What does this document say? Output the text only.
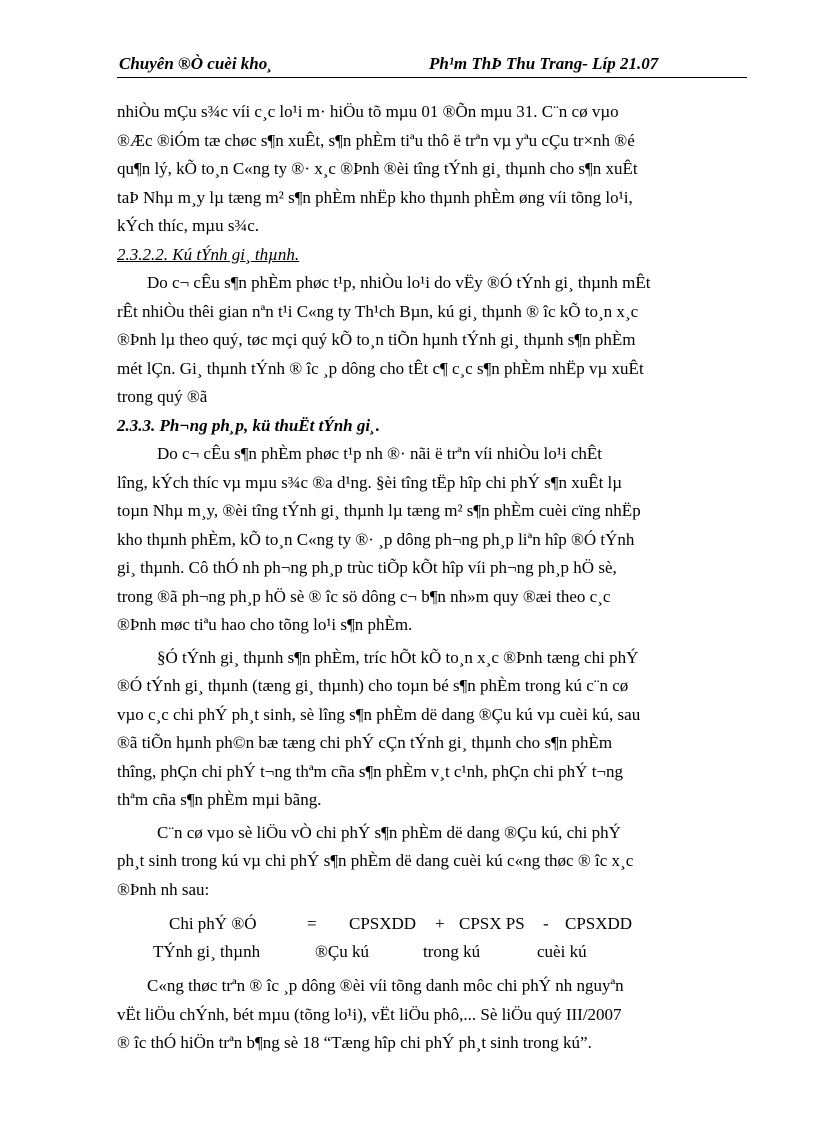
Chuyên ®Ò cuèi kho¸	Ph¹m ThÞ Thu Trang- Líp 21.07
nhiÒu mÇu s¾c víi c¸c lo¹i m· hiÖu tõ mµu 01 ®Õn mµu 31. C¨n cø vµo
®Æc ®iÓm tæ chøc s¶n xuÊt, s¶n phÈm tiªu thô ë trªn vµ yªu cÇu tr×nh ®é
qu¶n lý, kÕ to¸n C«ng ty ®· x¸c ®Þnh ®èi tîng tÝnh gi¸ thµnh cho s¶n xuÊt
taÞ Nhµ m¸y lµ tæng m² s¶n phÈm nhËp kho thµnh phÈm øng víi tõng lo¹i,
kÝch thíc, mµu s¾c.
2.3.2.2. Kú tÝnh gi¸ thµnh.
Do c¬ cÊu s¶n phÈm phøc t¹p, nhiÒu lo¹i do vËy ®Ó tÝnh gi¸ thµnh mÊt
rÊt nhiÒu thêi gian nªn t¹i C«ng ty Th¹ch Bµn, kú gi¸ thµnh ® îc kÕ to¸n x¸c
®Þnh lµ theo quý, tøc mçi quý kÕ to¸n tiÕn hµnh tÝnh gi¸ thµnh s¶n phÈm
mét lÇn. Gi¸ thµnh tÝnh ® îc ¸p dông cho tÊt c¶ c¸c s¶n phÈm nhËp vµ xuÊt
trong quý ®ã
2.3.3. Ph¬ng ph¸p, kü thuËt tÝnh gi¸.
Do c¬ cÊu s¶n phÈm phøc t¹p nh ®· nãi ë trªn víi nhiÒu lo¹i chÊt
lîng, kÝch thíc vµ mµu s¾c ®a d¹ng. §èi tîng tËp hîp chi phÝ s¶n xuÊt lµ
toµn Nhµ m¸y, ®èi tîng tÝnh gi¸ thµnh lµ tæng m² s¶n phÈm cuèi cïng nhËp
kho thµnh phÈm, kÕ to¸n C«ng ty ®· ¸p dông ph¬ng ph¸p liªn hîp ®Ó tÝnh
gi¸ thµnh. Cô thÓ nh ph¬ng ph¸p trùc tiÕp kÕt hîp víi ph¬ng ph¸p hÖ sè,
trong ®ã ph¬ng ph¸p hÖ sè ® îc sö dông c¬ b¶n nh»m quy ®æi theo c¸c
®Þnh møc tiªu hao cho tõng lo¹i s¶n phÈm.
§Ó tÝnh gi¸ thµnh s¶n phÈm, tríc hÕt kÕ to¸n x¸c ®Þnh tæng chi phÝ
®Ó tÝnh gi¸ thµnh (tæng gi¸ thµnh) cho toµn bé s¶n phÈm trong kú c¨n cø
vµo c¸c chi phÝ ph¸t sinh, sè lîng s¶n phÈm dë dang ®Çu kú vµ cuèi kú, sau
®ã tiÕn hµnh ph©n bæ tæng chi phÝ cÇn tÝnh gi¸ thµnh cho s¶n phÈm
thîng, phÇn chi phÝ t¬ng thªm cña s¶n phÈm v¸t c¹nh, phÇn chi phÝ t¬ng
thªm cña s¶n phÈm mµi bãng.
C¨n cø vµo sè liÖu vÒ chi phÝ s¶n phÈm dë dang ®Çu kú, chi phÝ
ph¸t sinh trong kú vµ chi phÝ s¶n phÈm dë dang cuèi kú c«ng thøc ® îc x¸c
®Þnh nh sau:
Chi phÝ ®Ó	= CPSXDD + CPSX PS - CPSXDD
TÝnh gi¸ thµnh	®Çu kú	trong kú	cuèi kú
C«ng thøc trªn ® îc ¸p dông ®èi víi tõng danh môc chi phÝ nh nguyªn
vËt liÖu chÝnh, bét mµu (tõng lo¹i), vËt liÖu phô,... Sè liÖu quý III/2007
® îc thÓ hiÖn trªn b¶ng sè 18 “Tæng hîp chi phÝ ph¸t sinh trong kú”.
